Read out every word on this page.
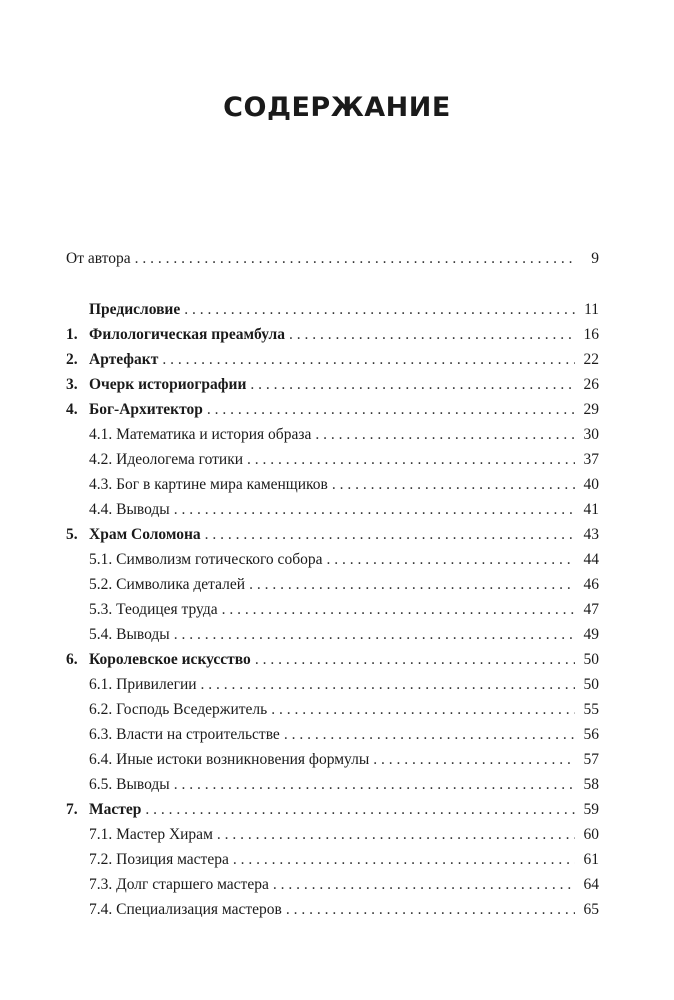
СОДЕРЖАНИЕ
От автора . . .	9
Предисловие . . .	11
1. Филологическая преамбула . . .	16
2. Артефакт . . .	22
3. Очерк историографии . . .	26
4. Бог-Архитектор . . .	29
4.1. Математика и история образа . . .	30
4.2. Идеологема готики . . .	37
4.3. Бог в картине мира каменщиков . . .	40
4.4. Выводы . . .	41
5. Храм Соломона . . .	43
5.1. Символизм готического собора . . .	44
5.2. Символика деталей . . .	46
5.3. Теодицея труда . . .	47
5.4. Выводы . . .	49
6. Королевское искусство . . .	50
6.1. Привилегии . . .	50
6.2. Господь Вседержитель . . .	55
6.3. Власти на строительстве . . .	56
6.4. Иные истоки возникновения формулы . . .	57
6.5. Выводы . . .	58
7. Мастер . . .	59
7.1. Мастер Хирам . . .	60
7.2. Позиция мастера . . .	61
7.3. Долг старшего мастера . . .	64
7.4. Специализация мастеров . . .	65
